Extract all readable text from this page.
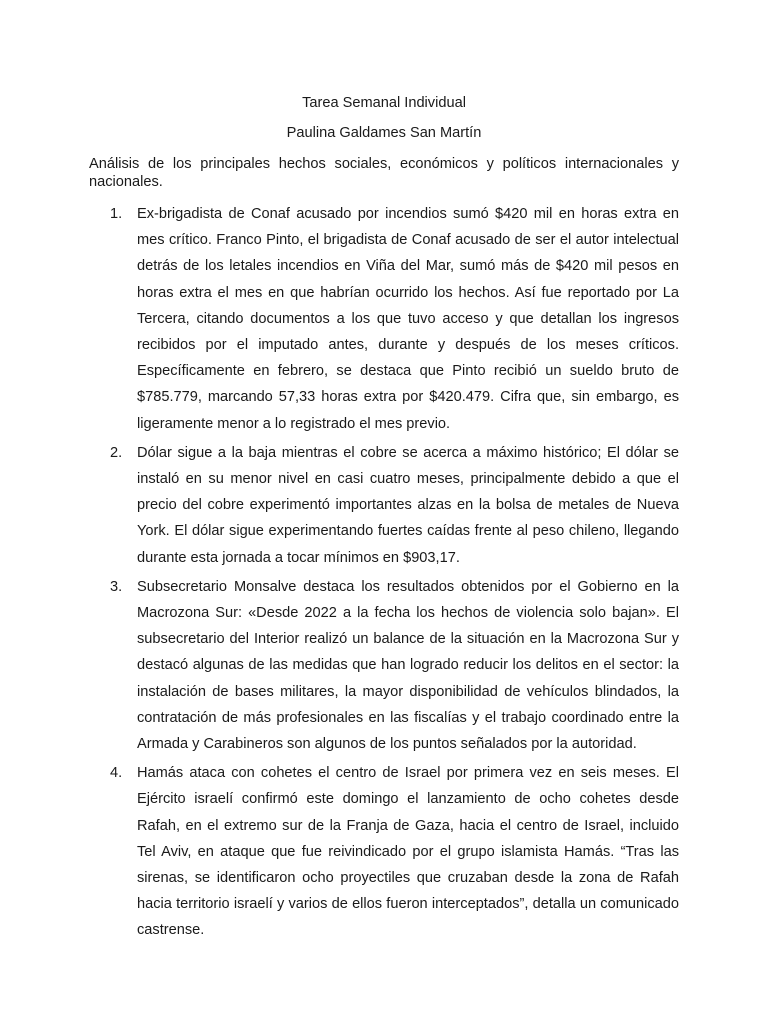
Tarea Semanal Individual
Paulina Galdames San Martín

Análisis de los principales hechos sociales, económicos y políticos internacionales y nacionales.

1.	Ex-brigadista de Conaf acusado por incendios sumó $420 mil en horas extra en mes crítico. Franco Pinto, el brigadista de Conaf acusado de ser el autor intelectual detrás de los letales incendios en Viña del Mar, sumó más de $420 mil pesos en horas extra el mes en que habrían ocurrido los hechos. Así fue reportado por La Tercera, citando documentos a los que tuvo acceso y que detallan los ingresos recibidos por el imputado antes, durante y después de los meses críticos. Específicamente en febrero, se destaca que Pinto recibió un sueldo bruto de $785.779, marcando 57,33 horas extra por $420.479. Cifra que, sin embargo, es ligeramente menor a lo registrado el mes previo.
2.	Dólar sigue a la baja mientras el cobre se acerca a máximo histórico; El dólar se instaló en su menor nivel en casi cuatro meses, principalmente debido a que el precio del cobre experimentó importantes alzas en la bolsa de metales de Nueva York. El dólar sigue experimentando fuertes caídas frente al peso chileno, llegando durante esta jornada a tocar mínimos en $903,17.
3.	Subsecretario Monsalve destaca los resultados obtenidos por el Gobierno en la Macrozona Sur: «Desde 2022 a la fecha los hechos de violencia solo bajan». El subsecretario del Interior realizó un balance de la situación en la Macrozona Sur y destacó algunas de las medidas que han logrado reducir los delitos en el sector: la instalación de bases militares, la mayor disponibilidad de vehículos blindados, la contratación de más profesionales en las fiscalías y el trabajo coordinado entre la Armada y Carabineros son algunos de los puntos señalados por la autoridad.
4.	Hamás ataca con cohetes el centro de Israel por primera vez en seis meses. El Ejército israelí confirmó este domingo el lanzamiento de ocho cohetes desde Rafah, en el extremo sur de la Franja de Gaza, hacia el centro de Israel, incluido Tel Aviv, en ataque que fue reivindicado por el grupo islamista Hamás. “Tras las sirenas, se identificaron ocho proyectiles que cruzaban desde la zona de Rafah hacia territorio israelí y varios de ellos fueron interceptados”, detalla un comunicado castrense.
